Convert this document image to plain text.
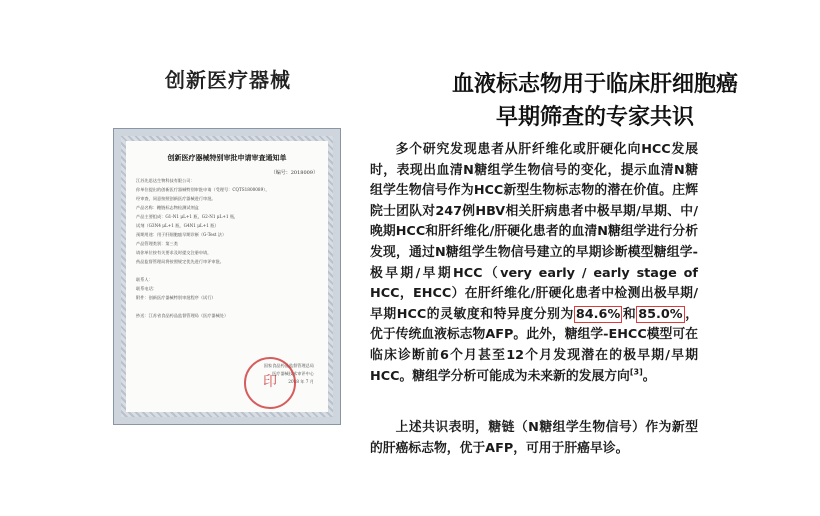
创新医疗器械
创新医疗器械特别审批申请审查通知单
（编号：2018009）
江苏先思达生物科技有限公司：
你单位提出的创新医疗器械特别审批申请（受理号：CQTS1800089），
经审查，同意按照创新医疗器械进行审批。
产品名称：糖链标志物检测试剂盒
产品主要组成：G1-N1 μL+1 瓶，G2-N1 μL+1 瓶，
试剂（G3N4 μL+1 瓶，G4N1 μL+1 瓶）
预期用途：用于肝细胞癌早期诊断（G-Test 法）
产品管理类别：第三类
请你单位按有关要求及时提交注册申请，
药品监督管理局将按照规定优先进行审评审批。

联系人：
联系电话：
附件：创新医疗器械特别审批程序（试行）

抄送：江苏省食品药品监督管理局（医疗器械处）
国家食品药品监督管理总局
医疗器械技术审评中心
2018 年 7 月
印
血液标志物用于临床肝细胞癌
早期筛查的专家共识
多个研究发现患者从肝纤维化或肝硬化向HCC发展时，表现出血清N糖组学生物信号的变化，提示血清N糖组学生物信号作为HCC新型生物标志物的潜在价值。庄辉院士团队对247例HBV相关肝病患者中极早期/早期、中/晚期HCC和肝纤维化/肝硬化患者的血清N糖组学进行分析发现，通过N糖组学生物信号建立的早期诊断模型糖组学-极早期/早期HCC（very early / early stage of HCC，EHCC）在肝纤维化/肝硬化患者中检测出极早期/　早期HCC的灵敏度和特异度分别为 84.6% 和 85.0% ，优于传统血液标志物AFP。此外，糖组学-EHCC模型可在临床诊断前6个月甚至12个月发现潜在的极早期/早期HCC。糖组学分析可能成为未来新的发展方向[3]。
上述共识表明，糖链（N糖组学生物信号）作为新型的肝癌标志物，优于AFP，可用于肝癌早诊。
